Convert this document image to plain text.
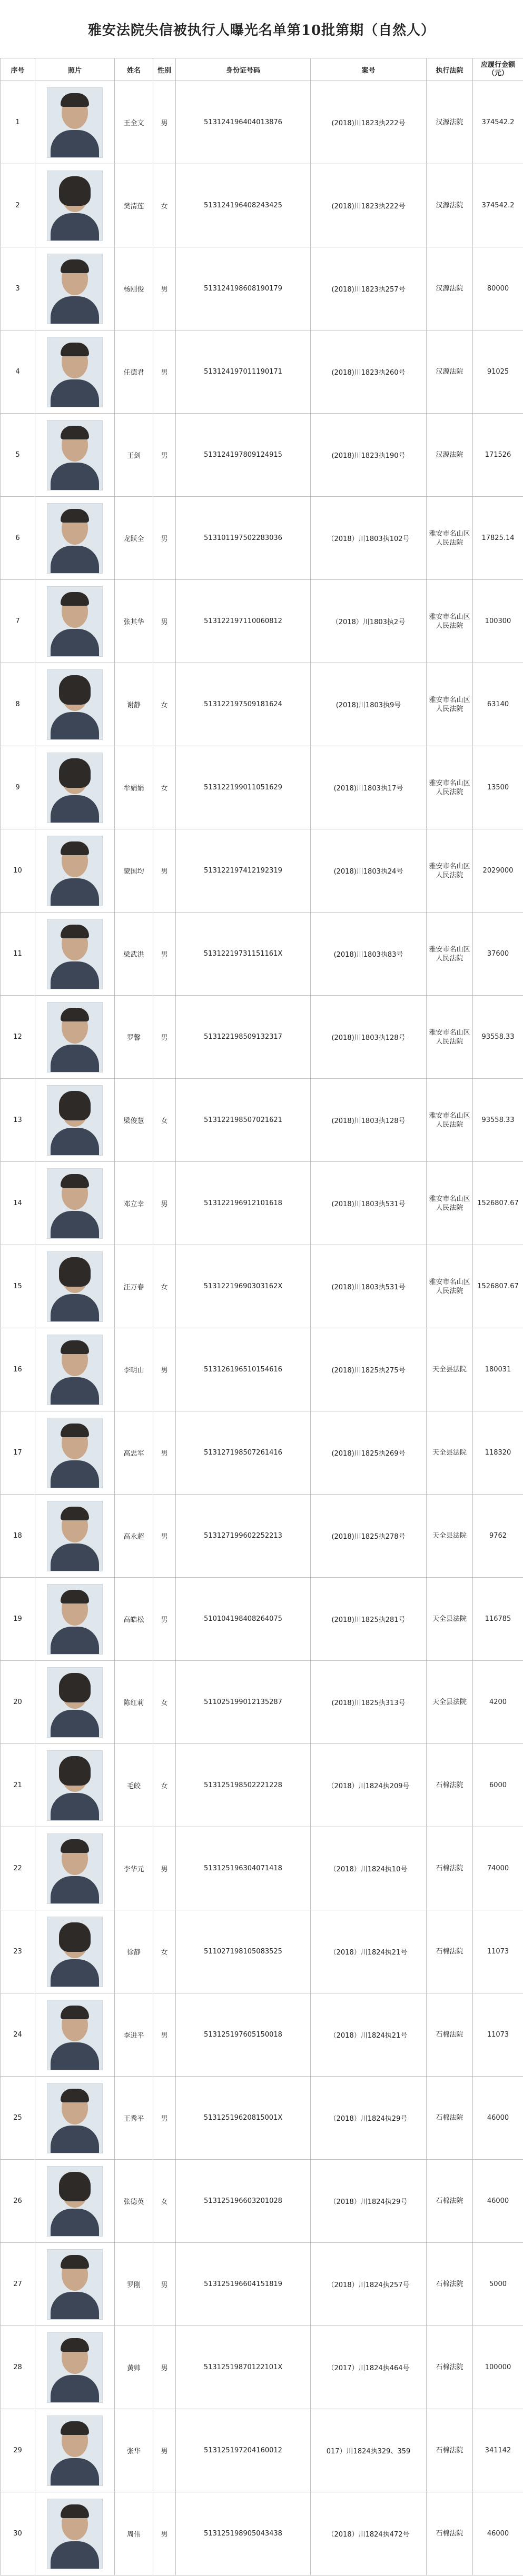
雅安法院失信被执行人曝光名单第10批第期（自然人）
序号	照片	姓名	性别	身份证号码	案号	执行法院	应履行金额（元）
1		王全文	男	513124196404013876	(2018)川1823执222号	汉源法院	374542.2
2		樊清莲	女	513124196408243425	(2018)川1823执222号	汉源法院	374542.2
3		杨刚俊	男	513124198608190179	(2018)川1823执257号	汉源法院	80000
4		任德君	男	513124197011190171	(2018)川1823执260号	汉源法院	91025
5		王剑	男	513124197809124915	(2018)川1823执190号	汉源法院	171526
6		龙跃全	男	513101197502283036	（2018）川1803执102号	雅安市名山区人民法院	17825.14
7		张其华	男	513122197110060812	（2018）川1803执2号	雅安市名山区人民法院	100300
8		谢静	女	513122197509181624	(2018)川1803执9号	雅安市名山区人民法院	63140
9		牟娟娟	女	513122199011051629	(2018)川1803执17号	雅安市名山区人民法院	13500
10		蒙国均	男	513122197412192319	(2018)川1803执24号	雅安市名山区人民法院	2029000
11		梁武洪	男	51312219731151161X	(2018)川1803执83号	雅安市名山区人民法院	37600
12		罗馨	男	513122198509132317	(2018)川1803执128号	雅安市名山区人民法院	93558.33
13		梁俊慧	女	513122198507021621	(2018)川1803执128号	雅安市名山区人民法院	93558.33
14		邓立幸	男	513122196912101618	(2018)川1803执531号	雅安市名山区人民法院	1526807.67
15		汪万春	女	51312219690303162X	(2018)川1803执531号	雅安市名山区人民法院	1526807.67
16		李明山	男	513126196510154616	(2018)川1825执275号	天全县法院	180031
17		高忠军	男	513127198507261416	(2018)川1825执269号	天全县法院	118320
18		高永超	男	513127199602252213	(2018)川1825执278号	天全县法院	9762
19		高皓松	男	510104198408264075	(2018)川1825执281号	天全县法院	116785
20		陈红莉	女	511025199012135287	(2018)川1825执313号	天全县法院	4200
21		毛皎	女	513125198502221228	（2018）川1824执209号	石棉法院	6000
22		李华元	男	513125196304071418	（2018）川1824执10号	石棉法院	74000
23		徐静	女	511027198105083525	（2018）川1824执21号	石棉法院	11073
24		李进平	男	513125197605150018	（2018）川1824执21号	石棉法院	11073
25		王秀平	男	51312519620815001X	（2018）川1824执29号	石棉法院	46000
26		张德英	女	513125196603201028	（2018）川1824执29号	石棉法院	46000
27		罗刚	男	513125196604151819	（2018）川1824执257号	石棉法院	5000
28		黄帅	男	51312519870122101X	（2017）川1824执464号	石棉法院	100000
29		张华	男	513125197204160012	017）川1824执329、359	石棉法院	341142
30		周伟	男	513125198905043438	（2018）川1824执472号	石棉法院	46000
